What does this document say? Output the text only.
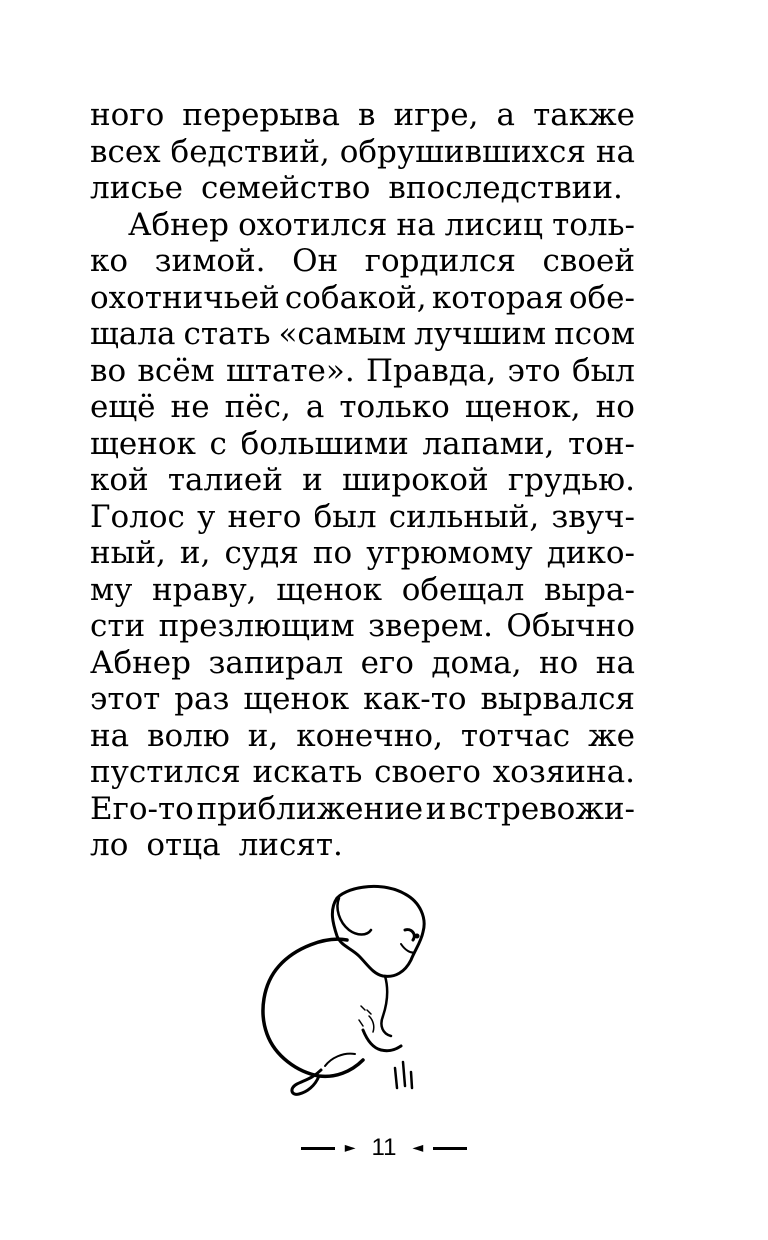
ного перерыва в игре, а также
всех бедствий, обрушившихся на
лисье семейство впоследствии.
Абнер охотился на лисиц толь-
ко зимой. Он гордился своей
охотничьей собакой, которая обе-
щала стать «самым лучшим псом
во всём штате». Правда, это был
ещё не пёс, а только щенок, но
щенок с большими лапами, тон-
кой талией и широкой грудью.
Голос у него был сильный, звуч-
ный, и, судя по угрюмому дико-
му нраву, щенок обещал выра-
сти презлющим зверем. Обычно
Абнер запирал его дома, но на
этот раз щенок как-то вырвался
на волю и, конечно, тотчас же
пустился искать своего хозяина.
Его-то приближение и встревожи-
ло отца лисят.
► 11	◄
